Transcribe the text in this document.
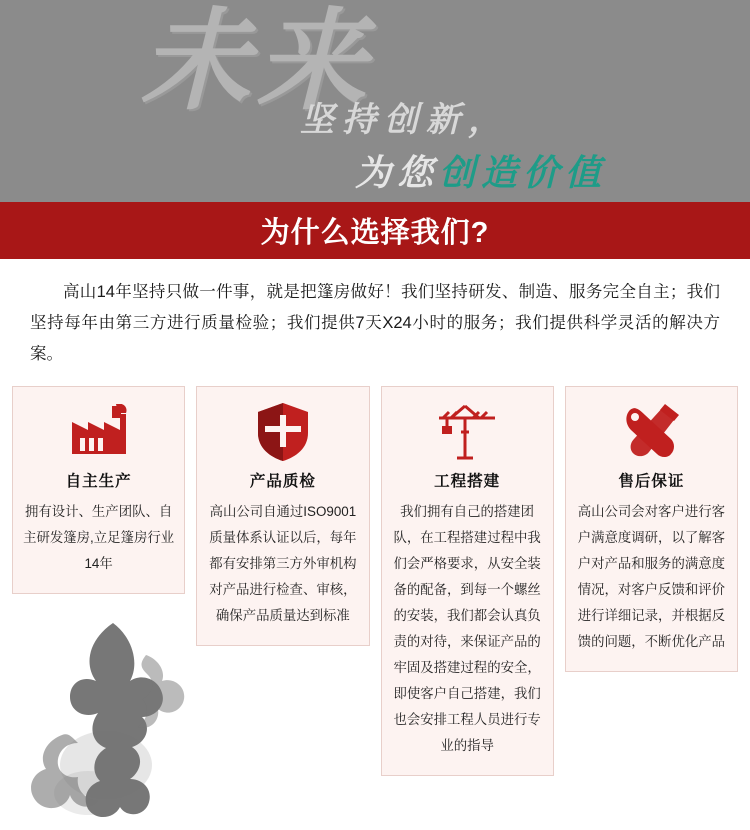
未来
坚持创新，
为您创造价值
为什么选择我们?
高山14年坚持只做一件事，就是把篷房做好！我们坚持研发、制造、服务完全自主；我们坚持每年由第三方进行质量检验；我们提供7天X24小时的服务；我们提供科学灵活的解决方案。
自主生产
拥有设计、生产团队、自主研发篷房,立足篷房行业14年
产品质检
高山公司自通过ISO9001质量体系认证以后，每年都有安排第三方外审机构对产品进行检查、审核，确保产品质量达到标准
工程搭建
我们拥有自己的搭建团队，在工程搭建过程中我们会严格要求，从安全装备的配备，到每一个螺丝的安装，我们都会认真负责的对待，来保证产品的牢固及搭建过程的安全，即使客户自己搭建，我们也会安排工程人员进行专业的指导
售后保证
高山公司会对客户进行客户满意度调研，以了解客户对产品和服务的满意度情况，对客户反馈和评价进行详细记录，并根据反馈的问题，不断优化产品
